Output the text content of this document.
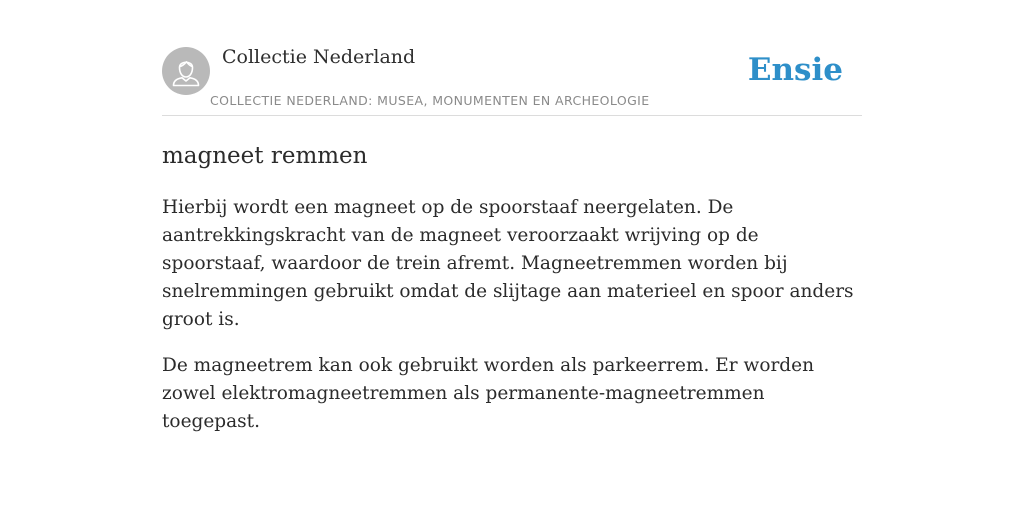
Collectie Nederland
COLLECTIE NEDERLAND: MUSEA, MONUMENTEN EN ARCHEOLOGIE
Ensie
magneet remmen

Hierbij wordt een magneet op de spoorstaaf neergelaten. De aantrekkingskracht van de magneet veroorzaakt wrijving op de spoorstaaf, waardoor de trein afremt. Magneetremmen worden bij snelremmingen gebruikt omdat de slijtage aan materieel en spoor anders groot is.

De magneetrem kan ook gebruikt worden als parkeerrem. Er worden zowel elektromagneetremmen als permanente-magneetremmen toegepast.
